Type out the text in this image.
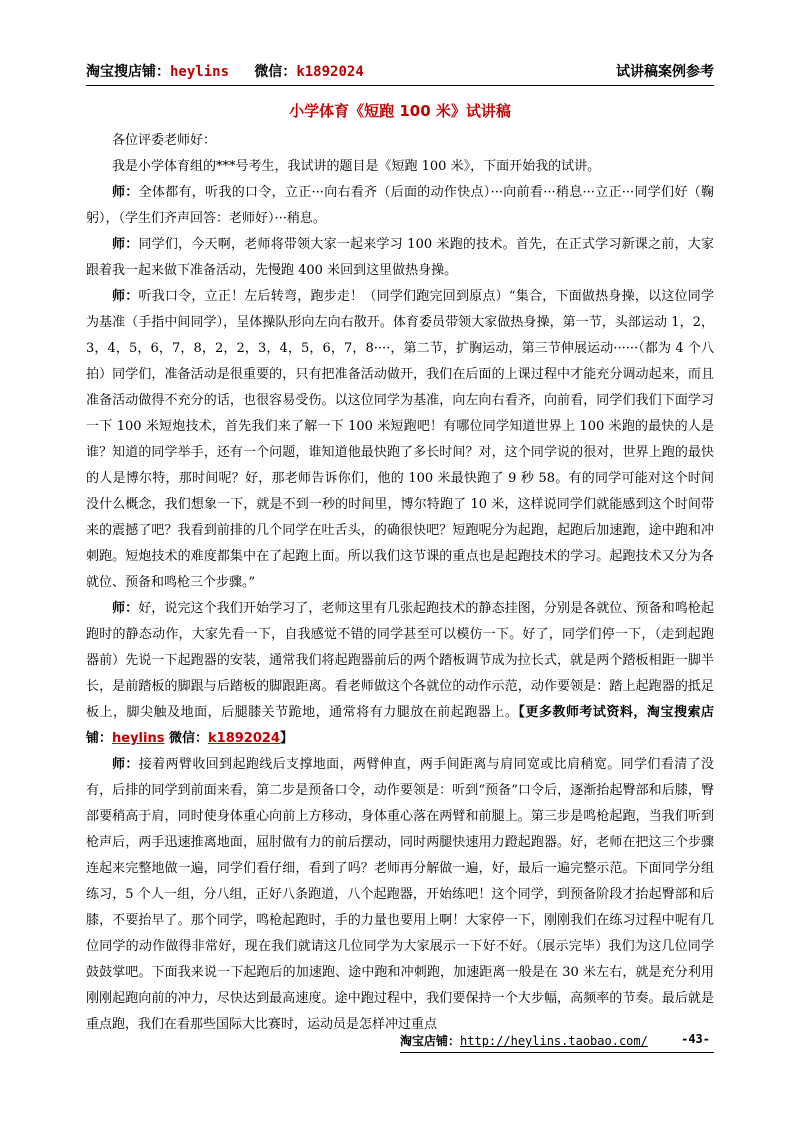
淘宝搜店铺：heylins 微信：k1892024	试讲稿案例参考
小学体育《短跑 100 米》试讲稿

各位评委老师好：

我是小学体育组的***号考生，我试讲的题目是《短跑 100 米》，下面开始我的试讲。

师：全体都有，听我的口令，立正···向右看齐（后面的动作快点）···向前看···稍息···立正···同学们好（鞠躬），（学生们齐声回答：老师好）···稍息。

师：同学们，今天啊，老师将带领大家一起来学习 100 米跑的技术。首先，在正式学习新课之前，大家跟着我一起来做下准备活动，先慢跑 400 米回到这里做热身操。

师：听我口令，立正！左后转弯，跑步走！（同学们跑完回到原点）“集合，下面做热身操，以这位同学为基准（手指中间同学），呈体操队形向左向右散开。体育委员带领大家做热身操，第一节，头部运动 1，2，3，4，5，6，7，8，2，2，3，4，5，6，7，8····，第二节，扩胸运动，第三节伸展运动······（都为 4 个八拍）同学们，准备活动是很重要的，只有把准备活动做开，我们在后面的上课过程中才能充分调动起来，而且准备活动做得不充分的话，也很容易受伤。以这位同学为基准，向左向右看齐，向前看，同学们我们下面学习一下 100 米短炮技术，首先我们来了解一下 100 米短跑吧！有哪位同学知道世界上 100 米跑的最快的人是谁？知道的同学举手，还有一个问题，谁知道他最快跑了多长时间？对，这个同学说的很对，世界上跑的最快的人是博尔特，那时间呢？好，那老师告诉你们，他的 100 米最快跑了 9 秒 58。有的同学可能对这个时间没什么概念，我们想象一下，就是不到一秒的时间里，博尔特跑了 10 米，这样说同学们就能感到这个时间带来的震撼了吧？我看到前排的几个同学在吐舌头，的确很快吧？短跑呢分为起跑，起跑后加速跑，途中跑和冲刺跑。短炮技术的难度都集中在了起跑上面。所以我们这节课的重点也是起跑技术的学习。起跑技术又分为各就位、预备和鸣枪三个步骤。”

师：好，说完这个我们开始学习了，老师这里有几张起跑技术的静态挂图，分别是各就位、预备和鸣枪起跑时的静态动作，大家先看一下，自我感觉不错的同学甚至可以模仿一下。好了，同学们停一下，（走到起跑器前）先说一下起跑器的安装，通常我们将起跑器前后的两个踏板调节成为拉长式，就是两个踏板相距一脚半长，是前踏板的脚跟与后踏板的脚跟距离。看老师做这个各就位的动作示范，动作要领是：踏上起跑器的抵足板上，脚尖触及地面，后腿膝关节跪地，通常将有力腿放在前起跑器上。【更多教师考试资料，淘宝搜索店铺：heylins 微信：k1892024】

师：接着两臂收回到起跑线后支撑地面，两臂伸直，两手间距离与肩同宽或比肩稍宽。同学们看清了没有，后排的同学到前面来看，第二步是预备口令，动作要领是：听到“预备”口令后，逐渐抬起臀部和后膝，臀部要稍高于肩，同时使身体重心向前上方移动，身体重心落在两臂和前腿上。第三步是鸣枪起跑，当我们听到枪声后，两手迅速推离地面，屈肘做有力的前后摆动，同时两腿快速用力蹬起跑器。好，老师在把这三个步骤连起来完整地做一遍，同学们看仔细，看到了吗？老师再分解做一遍，好，最后一遍完整示范。下面同学分组练习，5 个人一组，分八组，正好八条跑道，八个起跑器，开始练吧！这个同学，到预备阶段才抬起臀部和后膝，不要抬早了。那个同学，鸣枪起跑时，手的力量也要用上啊！大家停一下，刚刚我们在练习过程中呢有几位同学的动作做得非常好，现在我们就请这几位同学为大家展示一下好不好。（展示完毕）我们为这几位同学鼓鼓掌吧。下面我来说一下起跑后的加速跑、途中跑和冲刺跑，加速距离一般是在 30 米左右，就是充分利用刚刚起跑向前的冲力，尽快达到最高速度。途中跑过程中，我们要保持一个大步幅，高频率的节奏。最后就是重点跑，我们在看那些国际大比赛时，运动员是怎样冲过重点

淘宝店铺：http://heylins.taobao.com/	-43-
